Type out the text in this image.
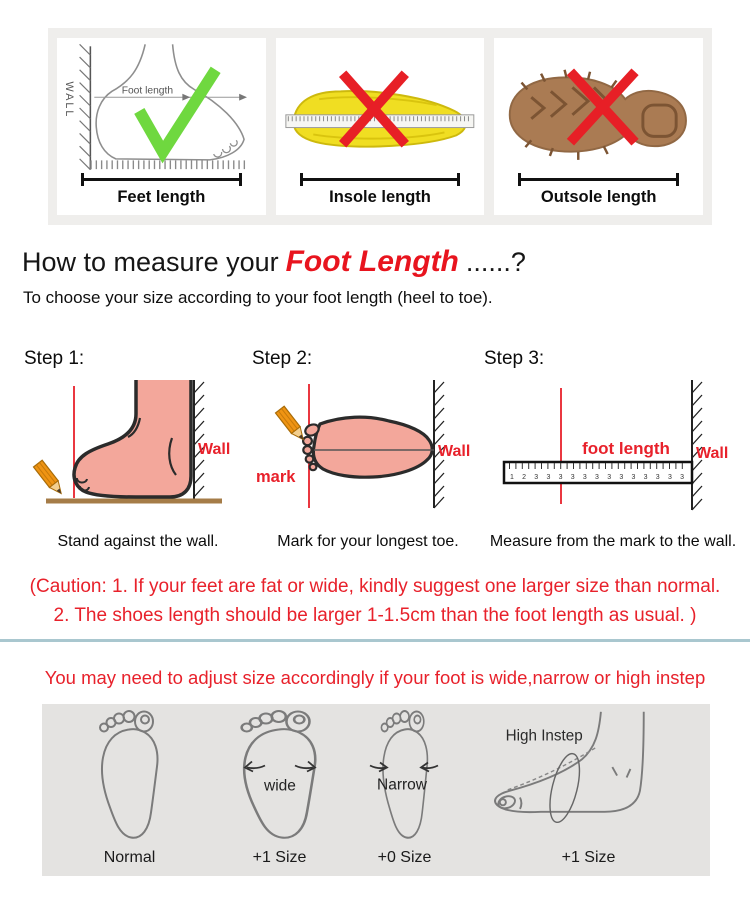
WALL	Foot length
Feet length	Insole length	Outsole length
How to measure your Foot Length ......?

To choose your size according to your foot length (heel to toe).

Step 1:
Wall
Stand against the wall.
Step 2:
mark
Wall
Mark for your longest toe.
Step 3:
foot length
1 2 3 3 3 3 3 3 3 3 3 3 3 3 3
Wall
Measure from the mark to the wall.
(Caution: 1. If your feet are fat or wide, kindly suggest one larger size than normal.
2. The shoes length should be larger 1-1.5cm than the foot length as usual. )
You may need to adjust size accordingly if your foot is wide,narrow or high instep
Normal
wide
+1 Size
Narrow
+0 Size
High Instep
+1 Size
